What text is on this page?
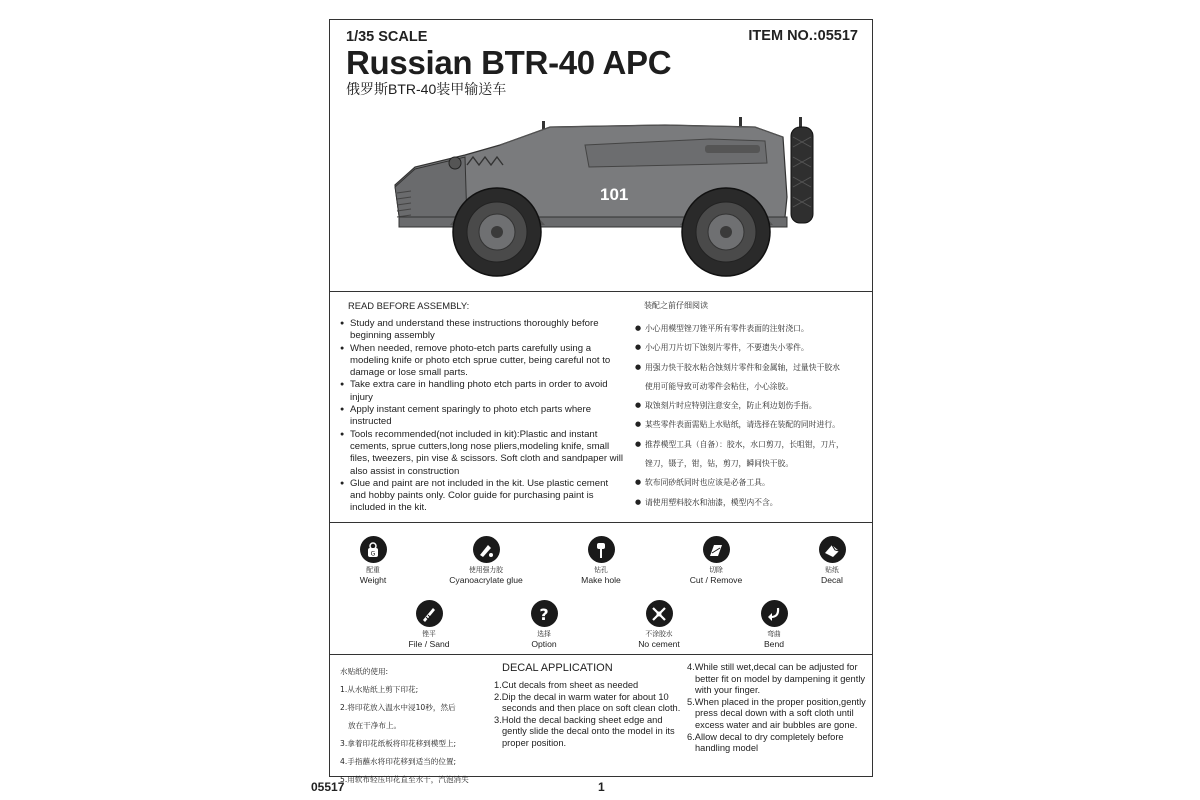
1/35 SCALE	ITEM NO.:05517
Russian BTR-40 APC
俄罗斯BTR-40装甲输送车
101
READ BEFORE ASSEMBLY:
● Study and understand these instructions thoroughly before beginning assembly
● When needed, remove photo-etch parts carefully using a modeling knife or photo etch sprue cutter, being careful not to damage or lose small parts.
● Take extra care in handling photo etch parts in order to avoid injury
● Apply instant cement sparingly to photo etch parts where instructed
● Tools recommended(not included in kit):Plastic and instant cements, sprue cutters,long nose pliers,modeling knife, small files, tweezers, pin vise & scissors. Soft cloth and sandpaper will also assist in construction
● Glue and paint are not included in the kit. Use plastic cement and hobby paints only. Color guide for purchasing paint is included in the kit.
装配之前仔细阅读
● 小心用模型锉刀锉平所有零件表面的注射浇口。
● 小心用刀片切下蚀刻片零件，不要遗失小零件。
● 用强力快干胶水粘合蚀刻片零件和金属轴，过量快干胶水
使用可能导致可动零件会粘住，小心涂胶。
● 取蚀刻片时应特别注意安全，防止利边划伤手指。
● 某些零件表面需贴上水贴纸，请选择在装配的同时进行。
● 推荐模型工具（自备）：胶水，水口剪刀，长咀钳，刀片，
锉刀，镊子，钳，钻，剪刀，瞬间快干胶。
● 软布同砂纸同时也应该是必备工具。
● 请使用塑料胶水和油漆，模型内不含。
G
配重
Weight
使用强力胶
Cyanoacrylate glue
钻孔
Make hole
切除
Cut / Remove
贴纸
Decal
锉平
File / Sand
?
选择
Option
不涂胶水
No cement
弯曲
Bend
水贴纸的使用:
1.从水贴纸上剪下印花;
2.将印花放入温水中浸10秒，然后
放在干净布上。
3.拿着印花纸板将印花移到模型上;
4.手指蘸水将印花移到适当的位置;
5.用软布轻压印花直至水干，汽泡消失
DECAL APPLICATION
1.Cut decals from sheet as needed
2.Dip the decal in warm water for about 10 seconds and then place on soft clean cloth.
3.Hold the decal backing sheet edge and gently slide the decal onto the model in its proper position.
4.While still wet,decal can be adjusted for better fit on model by dampening it gently with your finger.
5.When placed in the proper position,gently press decal down with a soft cloth until excess water and air bubbles are gone.
6.Allow decal to dry completely before handling model
05517	1
